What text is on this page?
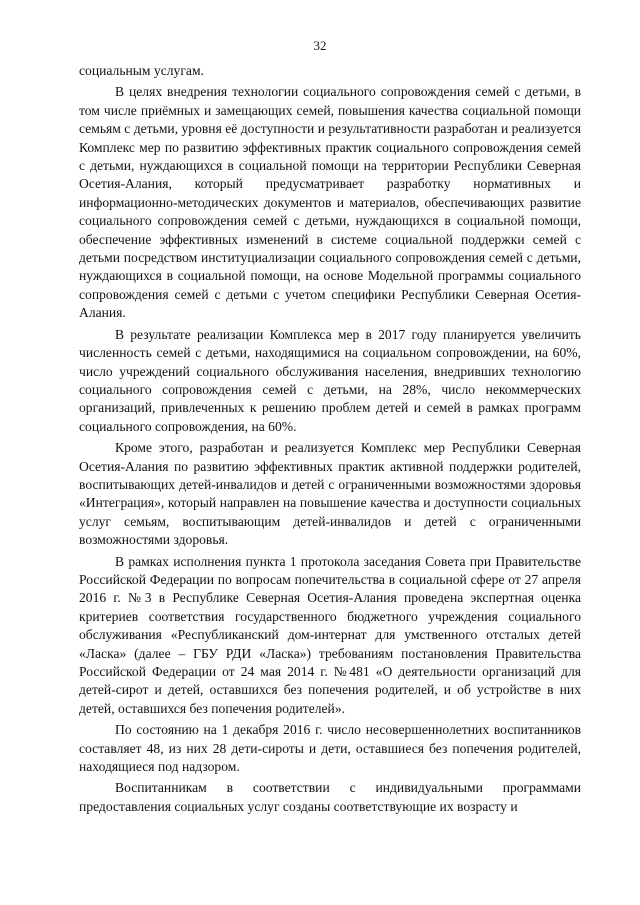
32

социальным услугам.

В целях внедрения технологии социального сопровождения семей с детьми, в том числе приёмных и замещающих семей, повышения качества социальной помощи семьям с детьми, уровня её доступности и результативности разработан и реализуется Комплекс мер по развитию эффективных практик социального сопровождения семей с детьми, нуждающихся в социальной помощи на территории Республики Северная Осетия-Алания, который предусматривает разработку нормативных и информационно-методических документов и материалов, обеспечивающих развитие социального сопровождения семей с детьми, нуждающихся в социальной помощи, обеспечение эффективных изменений в системе социальной поддержки семей с детьми посредством институциализации социального сопровождения семей с детьми, нуждающихся в социальной помощи, на основе Модельной программы социального сопровождения семей с детьми с учетом специфики Республики Северная Осетия-Алания.

В результате реализации Комплекса мер в 2017 году планируется увеличить численность семей с детьми, находящимися на социальном сопровождении, на 60%, число учреждений социального обслуживания населения, внедривших технологию социального сопровождения семей с детьми, на 28%, число некоммерческих организаций, привлеченных к решению проблем детей и семей в рамках программ социального сопровождения, на 60%.

Кроме этого, разработан и реализуется Комплекс мер Республики Северная Осетия-Алания по развитию эффективных практик активной поддержки родителей, воспитывающих детей-инвалидов и детей с ограниченными возможностями здоровья «Интеграция», который направлен на повышение качества и доступности социальных услуг семьям, воспитывающим детей-инвалидов и детей с ограниченными возможностями здоровья.

В рамках исполнения пункта 1 протокола заседания Совета при Правительстве Российской Федерации по вопросам попечительства в социальной сфере от 27 апреля 2016 г. №3 в Республике Северная Осетия-Алания проведена экспертная оценка критериев соответствия государственного бюджетного учреждения социального обслуживания «Республиканский дом-интернат для умственного отсталых детей «Ласка» (далее – ГБУ РДИ «Ласка») требованиям постановления Правительства Российской Федерации от 24 мая 2014 г. №481 «О деятельности организаций для детей-сирот и детей, оставшихся без попечения родителей, и об устройстве в них детей, оставшихся без попечения родителей».

По состоянию на 1 декабря 2016 г. число несовершеннолетних воспитанников составляет 48, из них 28 дети-сироты и дети, оставшиеся без попечения родителей, находящиеся под надзором.

Воспитанникам в соответствии с индивидуальными программами предоставления социальных услуг созданы соответствующие их возрасту и
